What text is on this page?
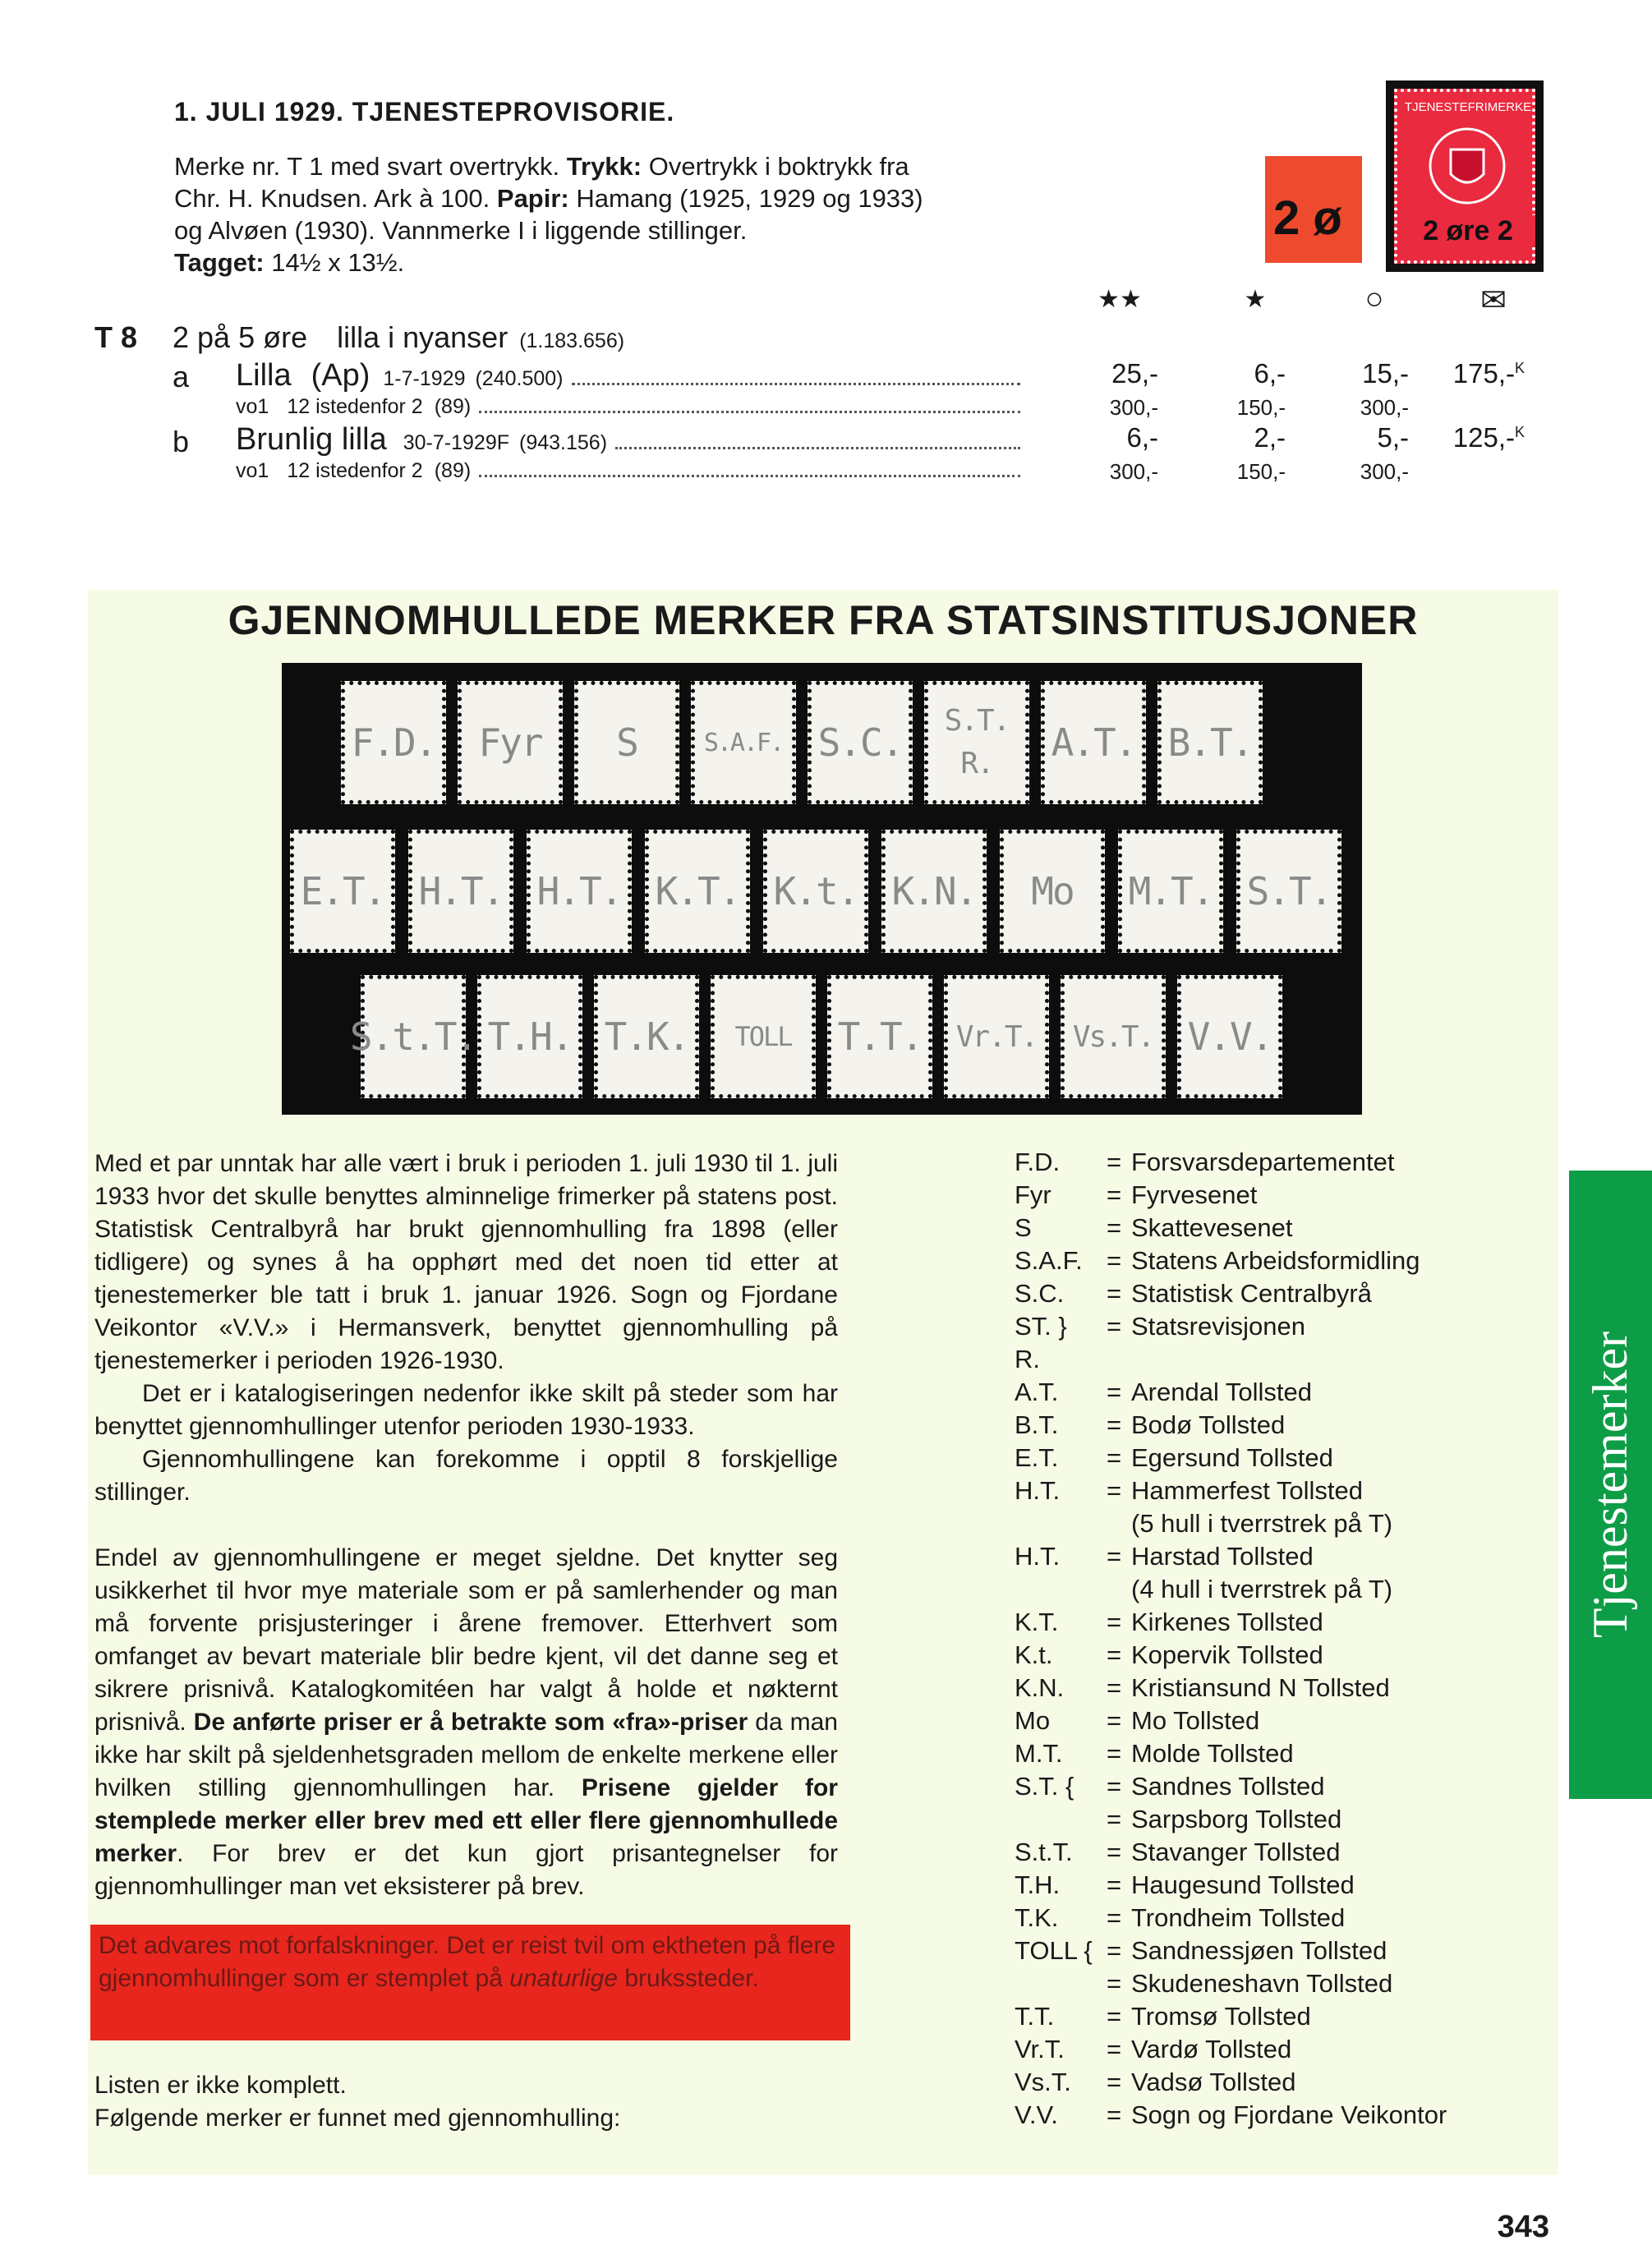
1. JULI 1929. TJENESTEPROVISORIE.
Merke nr. T 1 med svart overtrykk. Trykk: Overtrykk i boktrykk fra Chr. H. Knudsen. Ark à 100. Papir: Hamang (1925, 1929 og 1933) og Alvøen (1930). Vannmerke I i liggende stillinger.
Tagget: 14½ x 13½.
2 ø
TJENESTEFRIMERKE
2 øre 2
★★	★	○	✉
T 8 2 på 5 øre lilla i nyanser (1.183.656)
a Lilla (Ap) 1-7-1929 (240.500)	25,-	6,-	15,-	175,-$^K$
vo1 12 istedenfor 2 (89)	300,-	150,-	300,-
b Brunlig lilla 30-7-1929F (943.156)	6,-	2,-	5,-	125,-$^K$
vo1 12 istedenfor 2 (89)	300,-	150,-	300,-
GJENNOMHULLEDE MERKER FRA STATSINSTITUSJONER
F.D.	Fyr	S	S.A.F. S.C.	S.T. R.	A.T. B.T.
E.T. H.T. H.T. K.T. K.t. K.N.	Mo	M.T. S.T.
S.t.T. T.H. T.K.	TOLL	T.T.	Vr.T.	Vs.T. V.V.

Med et par unntak har alle vært i bruk i perioden 1. juli 1930 til 1. juli 1933 hvor det skulle benyttes alminnelige frimerker på statens post. Statistisk Centralbyrå har brukt gjennomhulling fra 1898 (eller tidligere) og synes å ha opphørt med det noen tid etter at tjenestemerker ble tatt i bruk 1. januar 1926. Sogn og Fjordane Veikontor «V.V.» i Hermansverk, benyttet gjennomhulling på tjenestemerker i perioden 1926-1930.

Det er i katalogiseringen nedenfor ikke skilt på steder som har benyttet gjennomhullinger utenfor perioden 1930-1933.

Gjennomhullingene kan forekomme i opptil 8 forskjellige stillinger.

Endel av gjennomhullingene er meget sjeldne. Det knytter seg usikkerhet til hvor mye materiale som er på samlerhender og man må forvente prisjusteringer i årene fremover. Etterhvert som omfanget av bevart materiale blir bedre kjent, vil det danne seg et sikrere prisnivå. Katalogkomitéen har valgt å holde et nøkternt prisnivå. De anførte priser er å betrakte som «fra»-priser da man ikke har skilt på sjeldenhetsgraden mellom de enkelte merkene eller hvilken stilling gjennomhullingen har. Prisene gjelder for stemplede merker eller brev med ett eller flere gjennomhullede merker. For brev er det kun gjort prisantegnelser for gjennomhullinger man vet eksisterer på brev.

Det advares mot forfalskninger. Det er reist tvil om ektheten på flere gjennomhullinger som er stemplet på unaturlige brukssteder.

Listen er ikke komplett.

Følgende merker er funnet med gjennomhulling:

F.D.	= Forsvarsdepartementet
Fyr	= Fyrvesenet
S	= Skattevesenet
S.A.F. = Statens Arbeidsformidling
S.C.	= Statistisk Centralbyrå
ST. }	= Statsrevisjonen
R.
A.T.	= Arendal Tollsted
B.T.	= Bodø Tollsted
E.T.	= Egersund Tollsted
H.T.	= Hammerfest Tollsted
(5 hull i tverrstrek på T)
H.T.	= Harstad Tollsted
(4 hull i tverrstrek på T)
K.T.	= Kirkenes Tollsted
K.t.	= Kopervik Tollsted
K.N.	= Kristiansund N Tollsted
Mo	= Mo Tollsted
M.T.	= Molde Tollsted
S.T. {	= Sandnes Tollsted
= Sarpsborg Tollsted
S.t.T.	= Stavanger Tollsted
T.H.	= Haugesund Tollsted
T.K.	= Trondheim Tollsted
TOLL { = Sandnessjøen Tollsted
= Skudeneshavn Tollsted
T.T.	= Tromsø Tollsted
Vr.T.	= Vardø Tollsted
Vs.T.	= Vadsø Tollsted
V.V.	= Sogn og Fjordane Veikontor
Tjenestemerker
343
